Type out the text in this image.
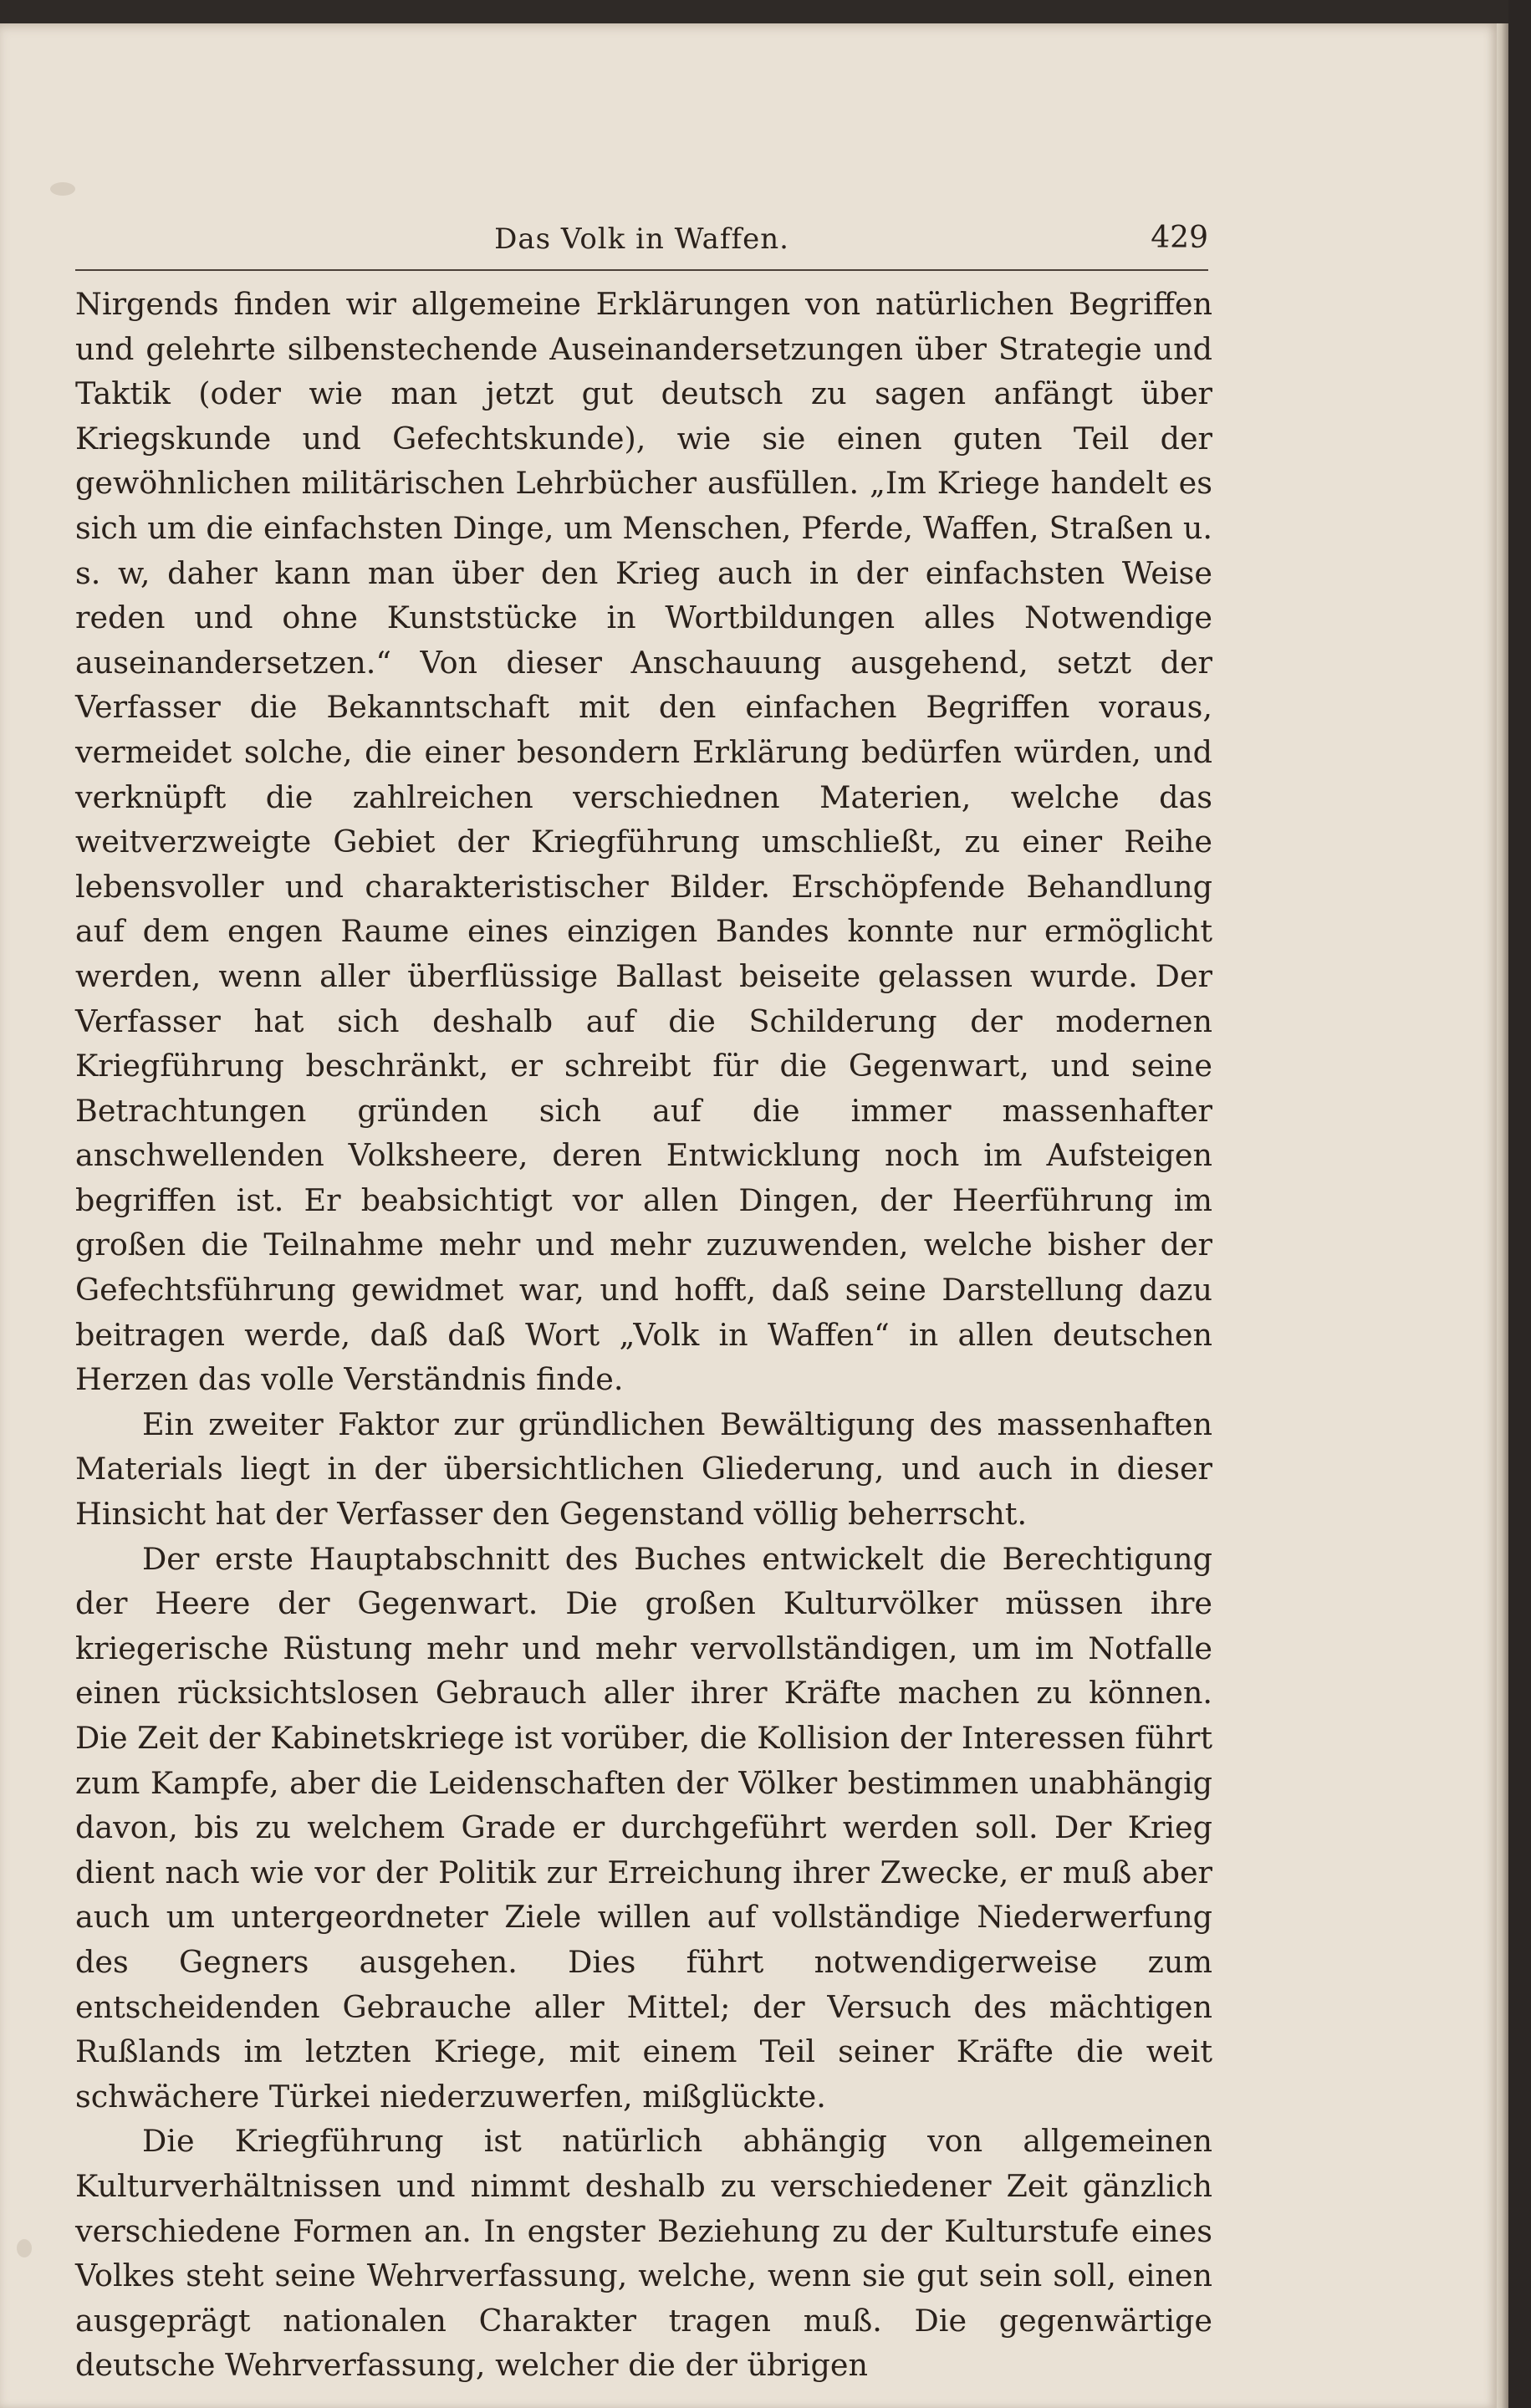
Das Volk in Waffen.	429

Nirgends finden wir allgemeine Erklärungen von natürlichen Begriffen und gelehrte silbenstechende Auseinandersetzungen über Strategie und Taktik (oder wie man jetzt gut deutsch zu sagen anfängt über Kriegskunde und Gefechtskunde), wie sie einen guten Teil der gewöhnlichen militärischen Lehrbücher ausfüllen. „Im Kriege handelt es sich um die einfachsten Dinge, um Menschen, Pferde, Waffen, Straßen u. s. w, daher kann man über den Krieg auch in der einfachsten Weise reden und ohne Kunststücke in Wortbildungen alles Notwendige auseinandersetzen.“ Von dieser Anschauung ausgehend, setzt der Verfasser die Bekanntschaft mit den einfachen Begriffen voraus, vermeidet solche, die einer besondern Erklärung bedürfen würden, und verknüpft die zahlreichen verschiednen Materien, welche das weitverzweigte Gebiet der Kriegführung umschließt, zu einer Reihe lebensvoller und charakteristischer Bilder. Erschöpfende Behandlung auf dem engen Raume eines einzigen Bandes konnte nur ermöglicht werden, wenn aller überflüssige Ballast beiseite gelassen wurde. Der Verfasser hat sich deshalb auf die Schilderung der modernen Kriegführung beschränkt, er schreibt für die Gegenwart, und seine Betrachtungen gründen sich auf die immer massenhafter anschwellenden Volksheere, deren Entwicklung noch im Aufsteigen begriffen ist. Er beabsichtigt vor allen Dingen, der Heerführung im großen die Teilnahme mehr und mehr zuzuwenden, welche bisher der Gefechtsführung gewidmet war, und hofft, daß seine Darstellung dazu beitragen werde, daß daß Wort „Volk in Waffen“ in allen deutschen Herzen das volle Verständnis finde.

Ein zweiter Faktor zur gründlichen Bewältigung des massenhaften Materials liegt in der übersichtlichen Gliederung, und auch in dieser Hinsicht hat der Verfasser den Gegenstand völlig beherrscht.

Der erste Hauptabschnitt des Buches entwickelt die Berechtigung der Heere der Gegenwart. Die großen Kulturvölker müssen ihre kriegerische Rüstung mehr und mehr vervollständigen, um im Notfalle einen rücksichtslosen Gebrauch aller ihrer Kräfte machen zu können. Die Zeit der Kabinetskriege ist vorüber, die Kollision der Interessen führt zum Kampfe, aber die Leidenschaften der Völker bestimmen unabhängig davon, bis zu welchem Grade er durchgeführt werden soll. Der Krieg dient nach wie vor der Politik zur Erreichung ihrer Zwecke, er muß aber auch um untergeordneter Ziele willen auf vollständige Niederwerfung des Gegners ausgehen. Dies führt notwendigerweise zum entscheidenden Gebrauche aller Mittel; der Versuch des mächtigen Rußlands im letzten Kriege, mit einem Teil seiner Kräfte die weit schwächere Türkei niederzuwerfen, mißglückte.

Die Kriegführung ist natürlich abhängig von allgemeinen Kulturverhältnissen und nimmt deshalb zu verschiedener Zeit gänzlich verschiedene Formen an. In engster Beziehung zu der Kulturstufe eines Volkes steht seine Wehrverfassung, welche, wenn sie gut sein soll, einen ausgeprägt nationalen Charakter tragen muß. Die gegenwärtige deutsche Wehrverfassung, welcher die der übrigen
